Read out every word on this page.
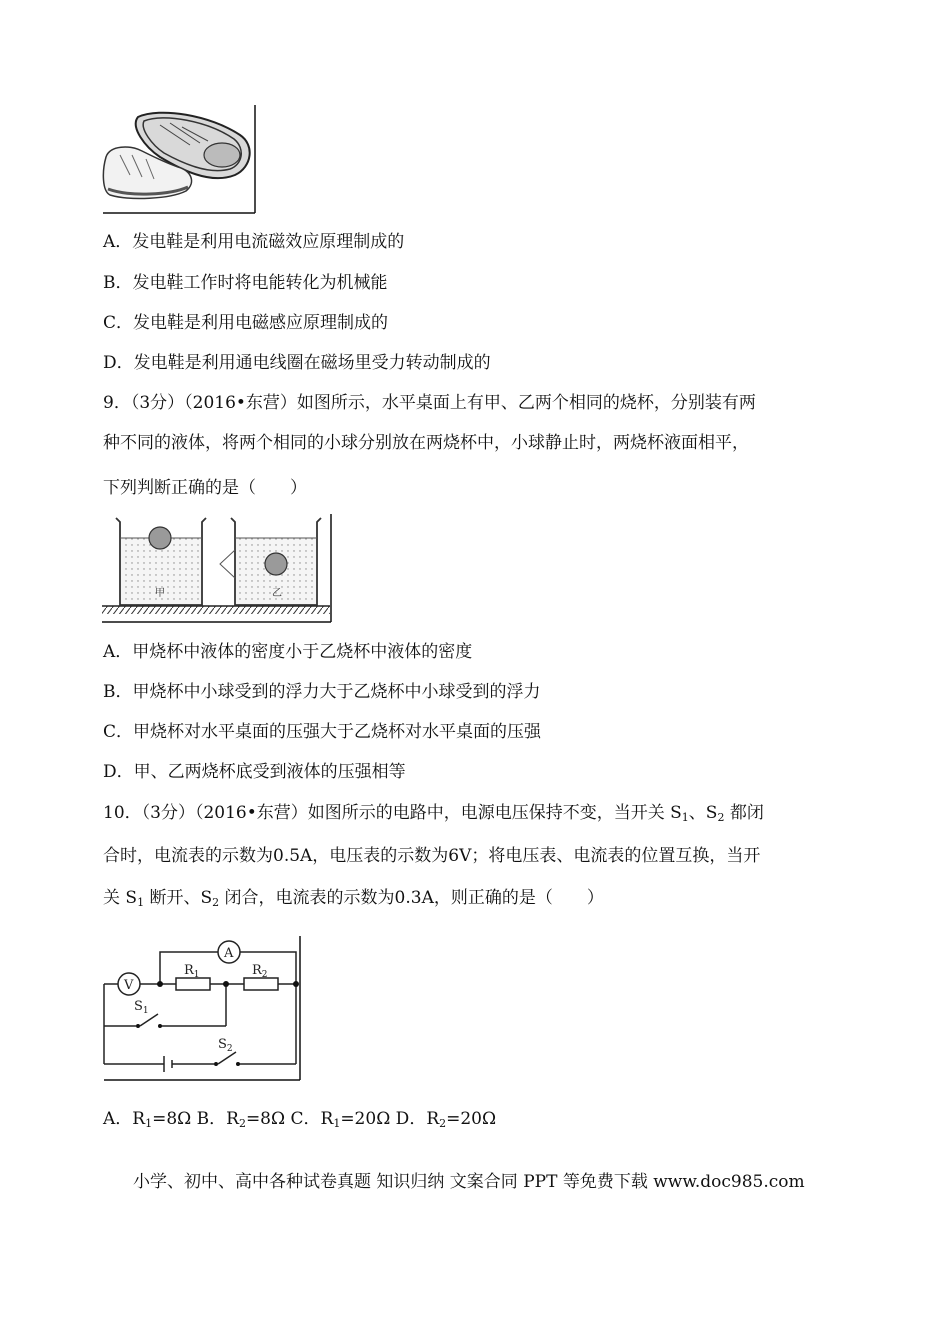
A．发电鞋是利用电流磁效应原理制成的
B．发电鞋工作时将电能转化为机械能
C．发电鞋是利用电磁感应原理制成的
D．发电鞋是利用通电线圈在磁场里受力转动制成的
9．（3分）（2016•东营）如图所示，水平桌面上有甲、乙两个相同的烧杯，分别装有两
种不同的液体，将两个相同的小球分别放在两烧杯中，小球静止时，两烧杯液面相平，
下列判断正确的是（　　）
甲	乙
A．甲烧杯中液体的密度小于乙烧杯中液体的密度
B．甲烧杯中小球受到的浮力大于乙烧杯中小球受到的浮力
C．甲烧杯对水平桌面的压强大于乙烧杯对水平桌面的压强
D．甲、乙两烧杯底受到液体的压强相等
10．（3分）（2016•东营）如图所示的电路中，电源电压保持不变，当开关 $S_1$、$S_2$ 都闭
合时，电流表的示数为0.5A，电压表的示数为6V；将电压表、电流表的位置互换，当开
关 $S_1$ 断开、$S_2$ 闭合，电流表的示数为0.3A，则正确的是（　　）
A
V
$R_1$	$R_2$
$S_1$
$S_2$
A．$R_1=8\Omega$ B．$R_2=8\Omega$ C．$R_1=20\Omega$ D．$R_2=20\Omega$
小学、初中、高中各种试卷真题 知识归纳 文案合同 PPT 等免费下载 www.doc985.com
